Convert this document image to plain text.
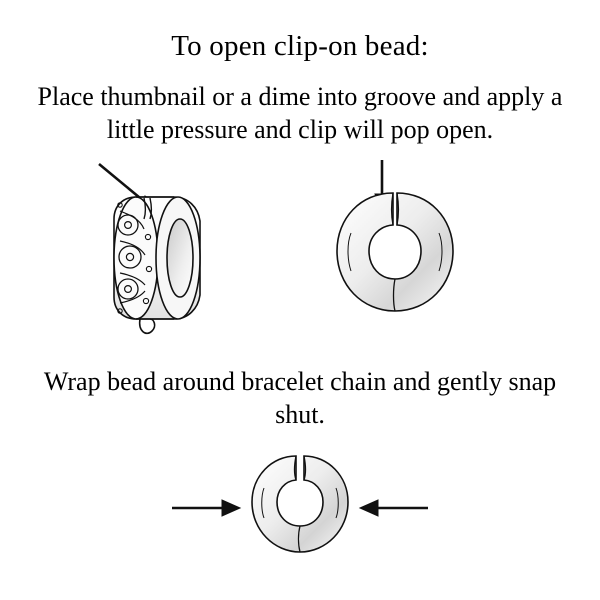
To open clip-on bead:
Place thumbnail or a dime into groove and apply a little pressure and clip will pop open.
Wrap bead around bracelet chain and gently snap shut.
